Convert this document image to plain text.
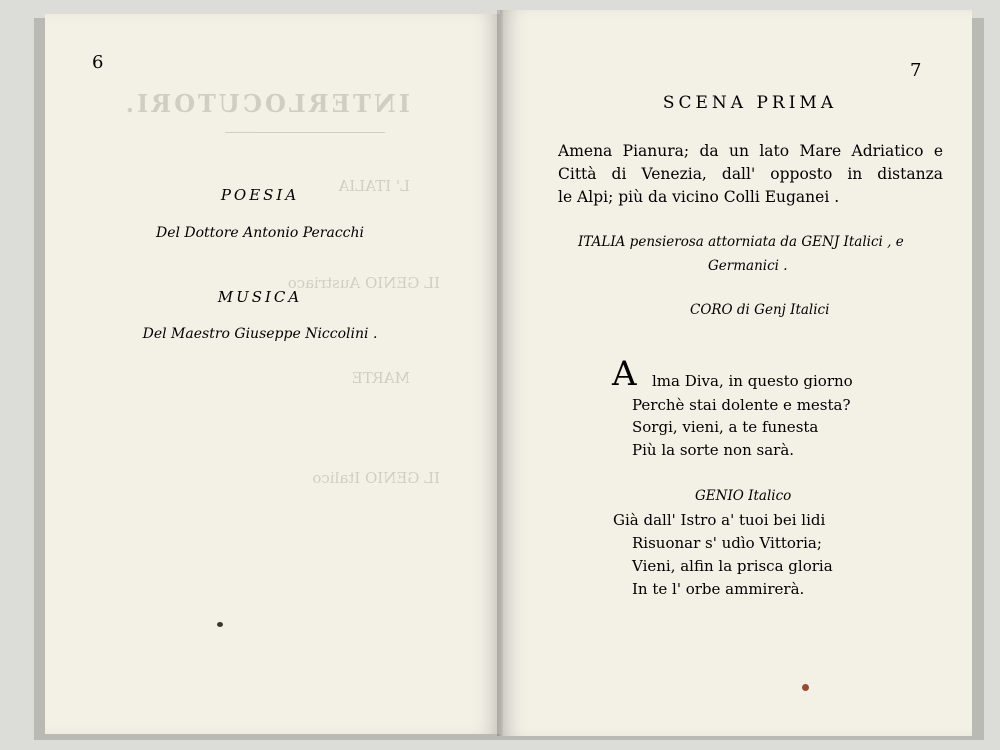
INTERLOCUTORI.
L' ITALIA
IL GENIO Austriaco
MARTE
IL GENIO Italico
6
POESIA
Del Dottore Antonio Peracchi
MUSICA
Del Maestro Giuseppe Niccolini .
7
SCENA PRIMA
Amena Pianura; da un lato Mare Adriatico e
Città di Venezia, dall' opposto in distanza
le Alpi; più da vicino Colli Euganei .
ITALIA pensierosa attorniata da GENJ Italici , e
Germanici .
CORO di Genj Italici
A lma Diva, in questo giorno
Perchè stai dolente e mesta?
Sorgi, vieni, a te funesta
Più la sorte non sarà.
GENIO Italico
Già dall' Istro a' tuoi bei lidi
Risuonar s' udìo Vittoria;
Vieni, alfin la prisca gloria
In te l' orbe ammirerà.
